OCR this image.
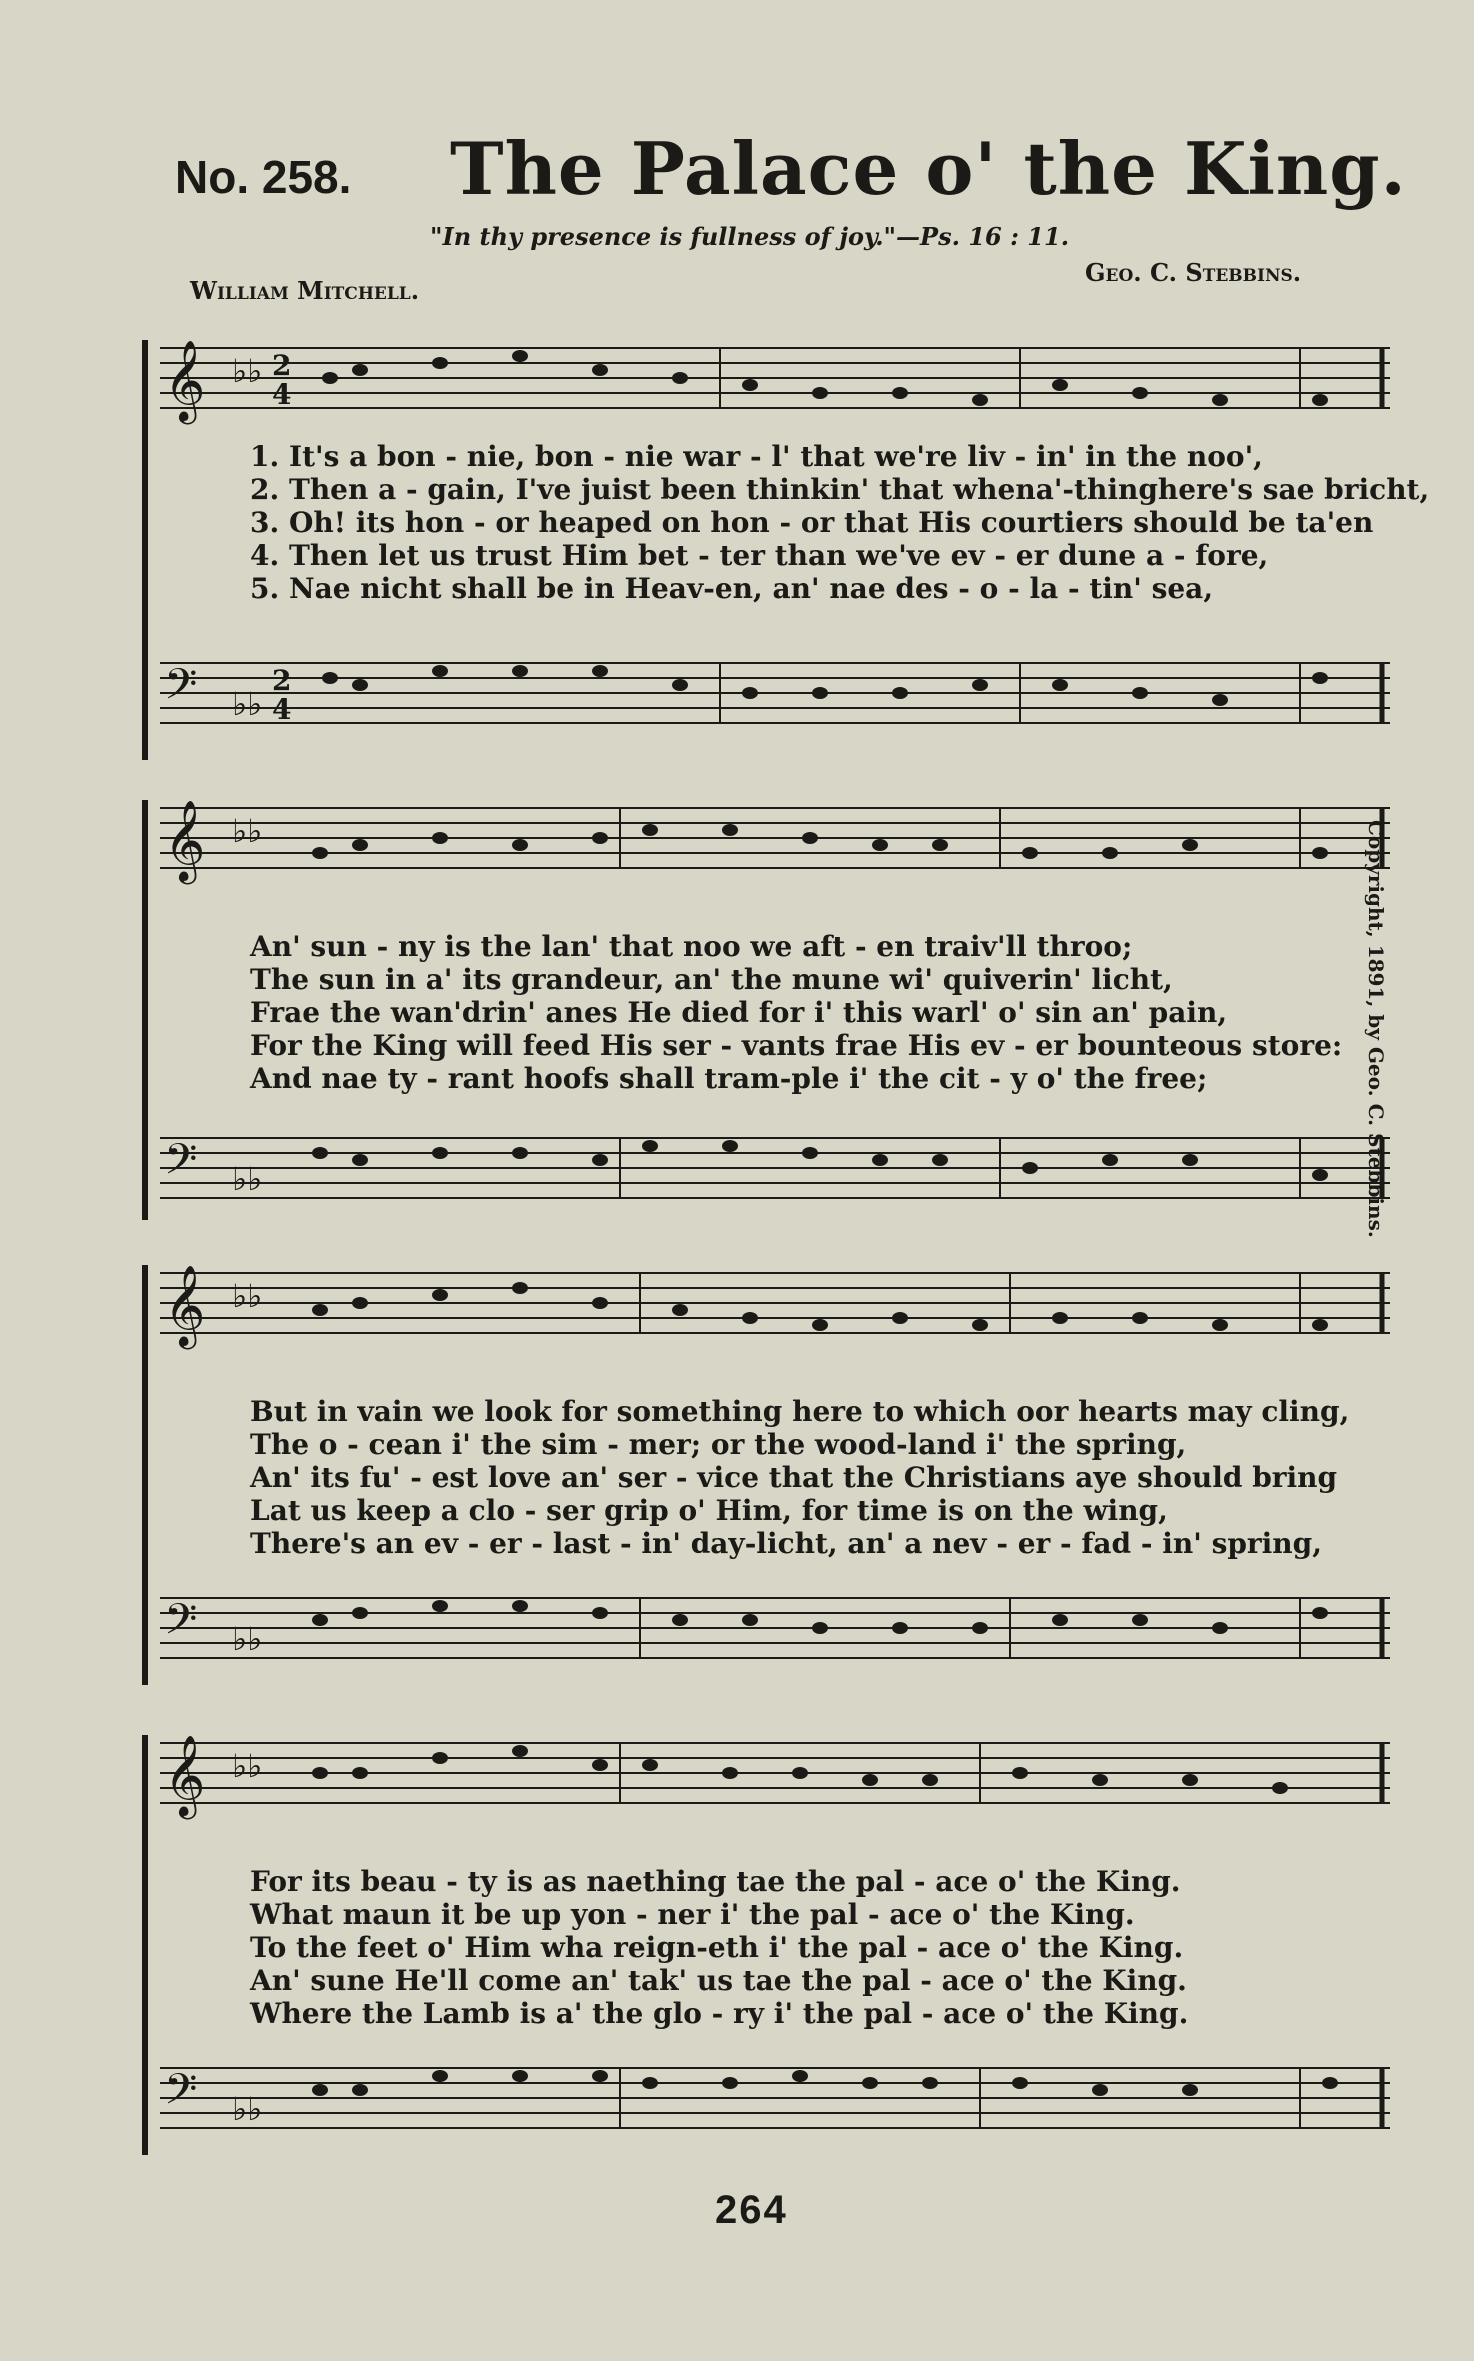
No. 258. The Palace o' the King.
"In thy presence is fullness of joy."—Ps. 16 : 11.
William Mitchell.
Geo. C. Stebbins.
Copyright, 1891, by Geo. C. Stebbins.
𝄞 ♭♭ 2
4
1. It's a bon - nie, bon - nie war - l' that we're liv - in' in the noo',
2. Then a - gain, I've juist been thinkin' that whena'-thinghere's sae bricht,
3. Oh! its hon - or heaped on hon - or that His courtiers should be ta'en
4. Then let us trust Him bet - ter than we've ev - er dune a - fore,
5. Nae nicht shall be in Heav-en, an' nae des - o - la - tin' sea,
𝄢 ♭♭
2
4
𝄞 ♭♭
An' sun - ny is the lan' that noo we aft - en traiv'll throo;
The sun in a' its grandeur, an' the mune wi' quiverin' licht,
Frae the wan'drin' anes He died for i' this warl' o' sin an' pain,
For the King will feed His ser - vants frae His ev - er bounteous store:
And nae ty - rant hoofs shall tram-ple i' the cit - y o' the free;
𝄢 ♭♭
𝄞 ♭♭
But in vain we look for something here to which oor hearts may cling,
The o - cean i' the sim - mer; or the wood-land i' the spring,
An' its fu' - est love an' ser - vice that the Christians aye should bring
Lat us keep a clo - ser grip o' Him, for time is on the wing,
There's an ev - er - last - in' day-licht, an' a nev - er - fad - in' spring,
𝄢 ♭♭
𝄞 ♭♭
For its beau - ty is as naething tae the pal - ace o' the King.
What maun it be up yon - ner i' the pal - ace o' the King.
To the feet o' Him wha reign-eth i' the pal - ace o' the King.
An' sune He'll come an' tak' us tae the pal - ace o' the King.
Where the Lamb is a' the glo - ry i' the pal - ace o' the King.
𝄢 ♭♭
264
